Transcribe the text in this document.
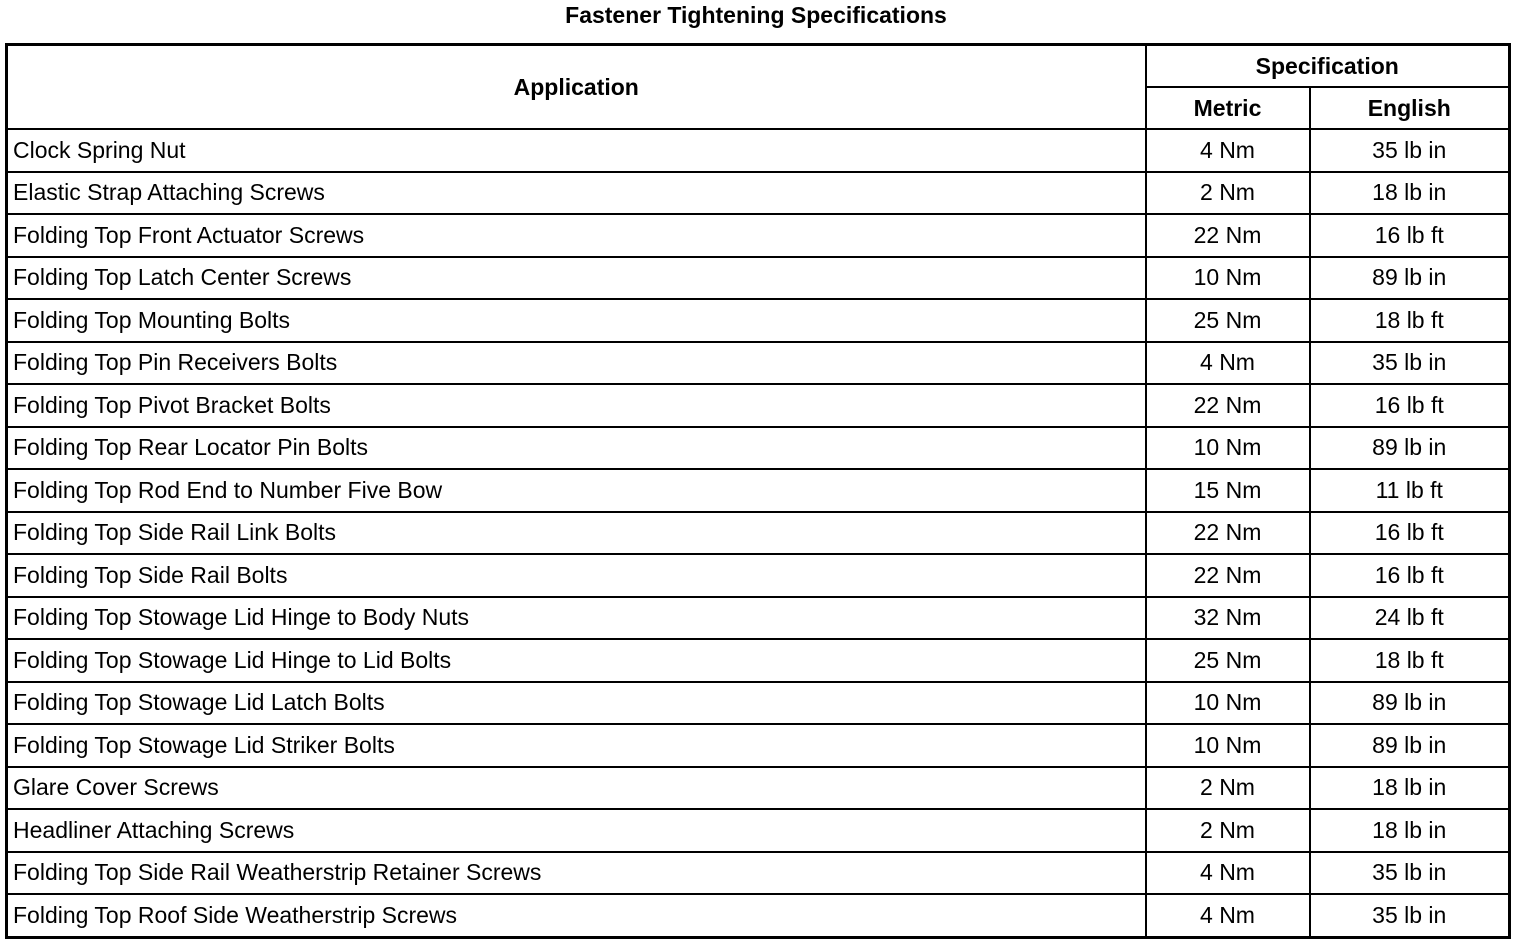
Fastener Tightening Specifications
Application	Specification	
	Metric	English
Clock Spring Nut	4 Nm	35 lb in
Elastic Strap Attaching Screws	2 Nm	18 lb in
Folding Top Front Actuator Screws	22 Nm	16 lb ft
Folding Top Latch Center Screws	10 Nm	89 lb in
Folding Top Mounting Bolts	25 Nm	18 lb ft
Folding Top Pin Receivers Bolts	4 Nm	35 lb in
Folding Top Pivot Bracket Bolts	22 Nm	16 lb ft
Folding Top Rear Locator Pin Bolts	10 Nm	89 lb in
Folding Top Rod End to Number Five Bow	15 Nm	11 lb ft
Folding Top Side Rail Link Bolts	22 Nm	16 lb ft
Folding Top Side Rail Bolts	22 Nm	16 lb ft
Folding Top Stowage Lid Hinge to Body Nuts	32 Nm	24 lb ft
Folding Top Stowage Lid Hinge to Lid Bolts	25 Nm	18 lb ft
Folding Top Stowage Lid Latch Bolts	10 Nm	89 lb in
Folding Top Stowage Lid Striker Bolts	10 Nm	89 lb in
Glare Cover Screws	2 Nm	18 lb in
Headliner Attaching Screws	2 Nm	18 lb in
Folding Top Side Rail Weatherstrip Retainer Screws	4 Nm	35 lb in
Folding Top Roof Side Weatherstrip Screws	4 Nm	35 lb in
